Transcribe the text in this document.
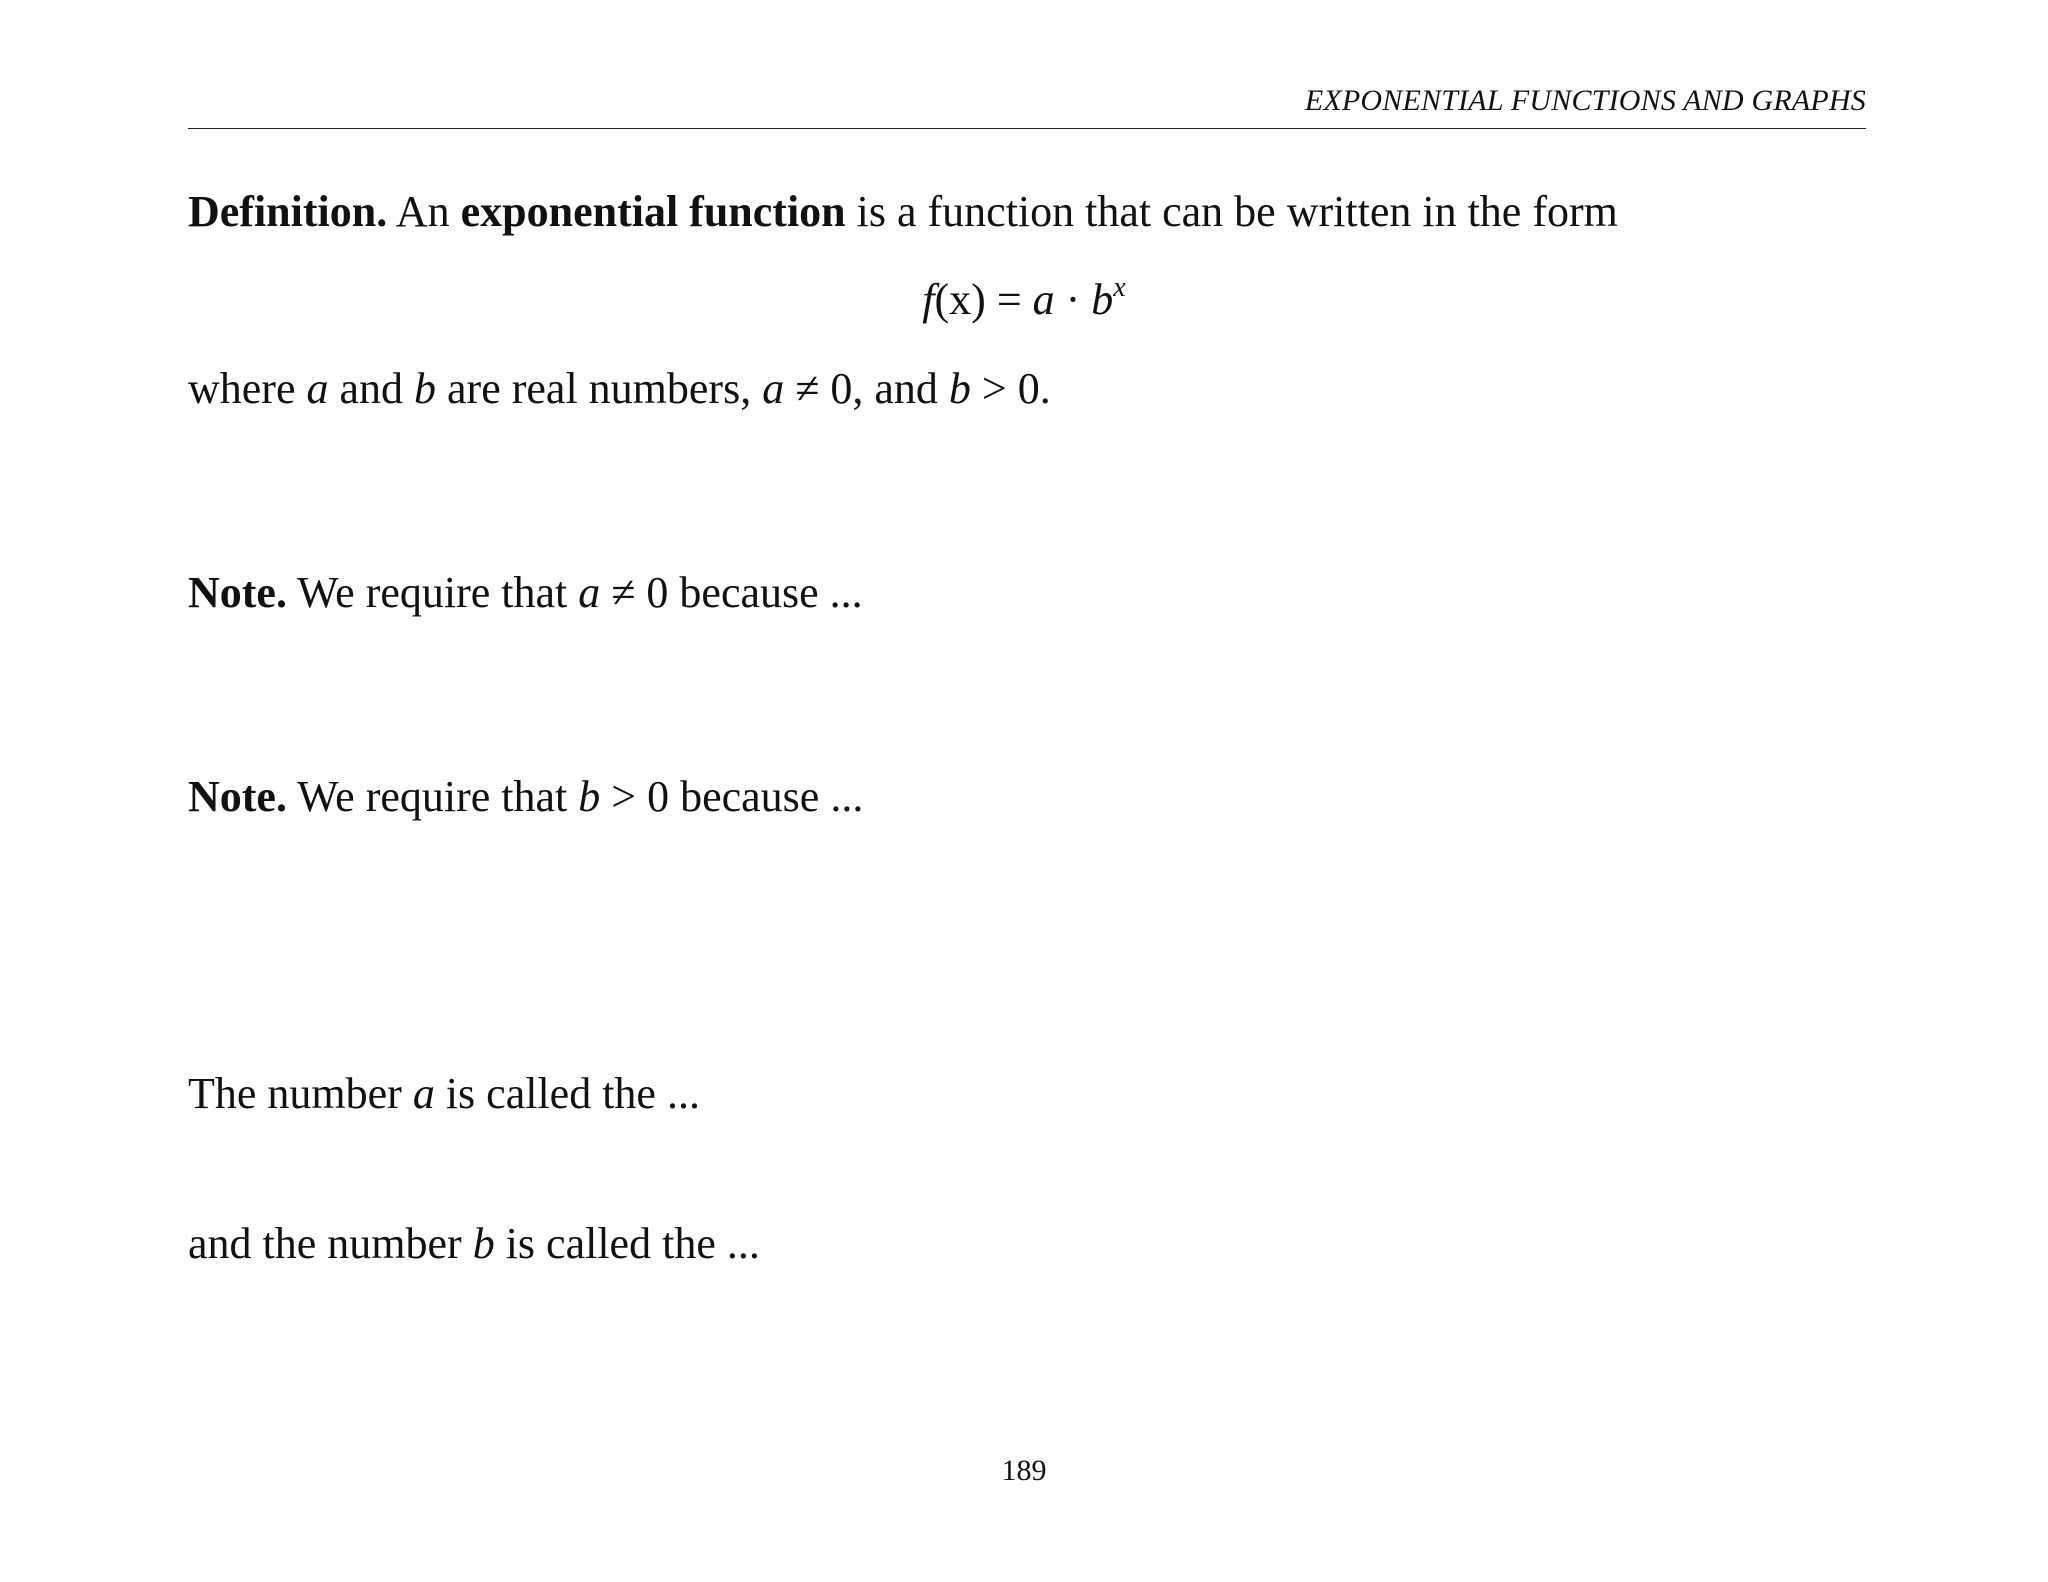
EXPONENTIAL FUNCTIONS AND GRAPHS
Definition. An exponential function is a function that can be written in the form
$f(x) = a \cdot b^x$
where a and b are real numbers, a ≠ 0, and b > 0.
Note. We require that a ≠ 0 because ...
Note. We require that b > 0 because ...
The number a is called the ...
and the number b is called the ...
189
